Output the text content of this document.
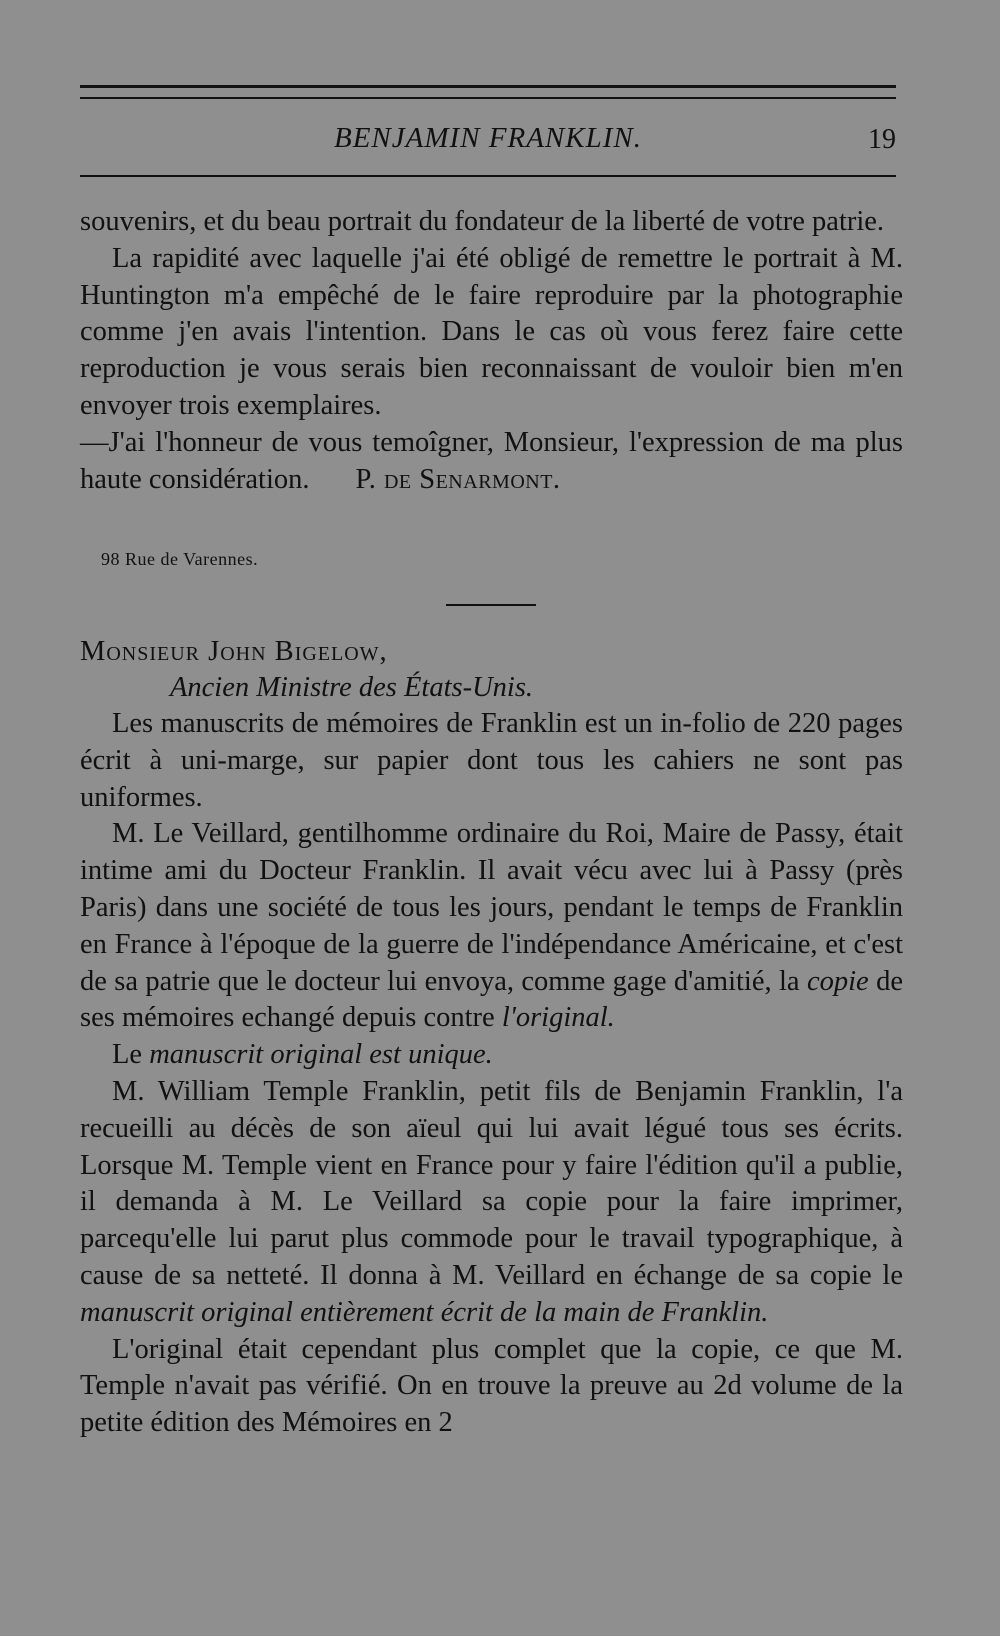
BENJAMIN FRANKLIN.	19

souvenirs, et du beau portrait du fondateur de la liberté de votre patrie.

La rapidité avec laquelle j'ai été obligé de remettre le portrait à M. Huntington m'a empêché de le faire reproduire par la photographie comme j'en avais l'intention. Dans le cas où vous ferez faire cette reproduction je vous serais bien reconnaissant de vouloir bien m'en envoyer trois exemplaires.

—J'ai l'honneur de vous temoîgner, Monsieur, l'expression de ma plus haute considération. P. de Senarmont.

98 Rue de Varennes.
Monsieur John Bigelow,
Ancien Ministre des États-Unis.

Les manuscrits de mémoires de Franklin est un in-folio de 220 pages écrit à uni-marge, sur papier dont tous les cahiers ne sont pas uniformes.

M. Le Veillard, gentilhomme ordinaire du Roi, Maire de Passy, était intime ami du Docteur Franklin. Il avait vécu avec lui à Passy (près Paris) dans une société de tous les jours, pendant le temps de Franklin en France à l'époque de la guerre de l'indépendance Américaine, et c'est de sa patrie que le docteur lui envoya, comme gage d'amitié, la copie de ses mémoires echangé depuis contre l'original.

Le manuscrit original est unique.

M. William Temple Franklin, petit fils de Benjamin Franklin, l'a recueilli au décès de son aïeul qui lui avait légué tous ses écrits. Lorsque M. Temple vient en France pour y faire l'édition qu'il a publie, il demanda à M. Le Veillard sa copie pour la faire imprimer, parcequ'elle lui parut plus commode pour le travail typographique, à cause de sa netteté. Il donna à M. Veillard en échange de sa copie le manuscrit original entièrement écrit de la main de Franklin.

L'original était cependant plus complet que la copie, ce que M. Temple n'avait pas vérifié. On en trouve la preuve au 2d volume de la petite édition des Mémoires en 2
